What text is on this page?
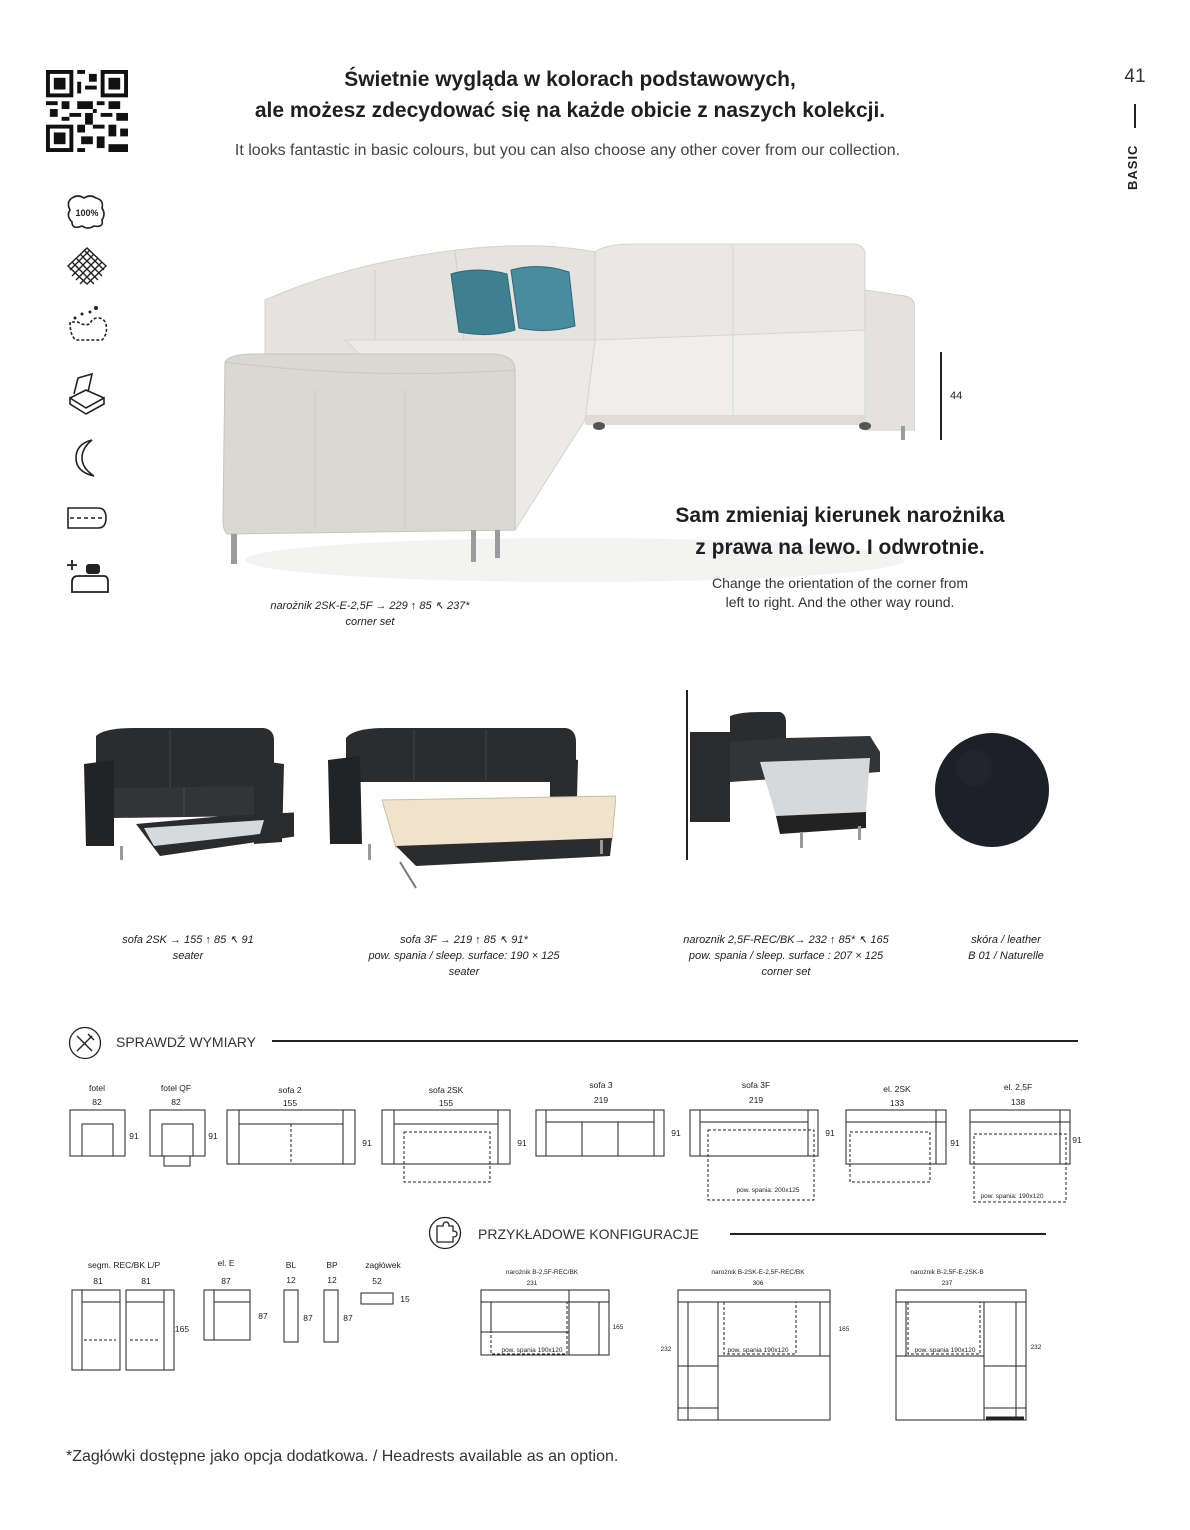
41
BASIC
Świetnie wygląda w kolorach podstawowych,
ale możesz zdecydować się na każde obicie z naszych kolekcji.
It looks fantastic in basic colours, but you can also choose any other cover from our collection.
100%
44
narożnik 2SK-E-2,5F → 229 ↑ 85 ↖ 237*
corner set
Sam zmieniaj kierunek narożnika
z prawa na lewo. I odwrotnie.
Change the orientation of the corner from
left to right. And the other way round.
sofa 2SK → 155 ↑ 85 ↖ 91
seater
sofa 3F → 219 ↑ 85 ↖ 91*
pow. spania / sleep. surface: 190 × 125
seater
naroznik 2,5F-REC/BK→ 232 ↑ 85* ↖ 165
pow. spania / sleep. surface : 207 × 125
corner set
skóra / leather
B 01 / Naturelle
SPRAWDŹ WYMIARY
fotel
82
91
fotel QF
82
91
sofa 2
155
91
sofa 2SK
155
91
sofa 3
219
91
sofa 3F
219
91
el. 2SK
133
91
el. 2,5F
138
91
pow. spania: 200x125
pow. spania: 190x120
PRZYKŁADOWE KONFIGURACJE
segm. REC/BK L/P
81	81
165
el. E
87
87
BL
12
87
BP
12
87
zagłówek
52
15
narożnik B-2,5F-REC/BK
231
165
pow. spania 190x120
narożnik B-2SK-E-2,5F-REC/BK
306
232
165
pow. spania 190x120
narożnik B-2,5F-E-2SK-B
237
232
pow. spania 190x120
*Zagłówki dostępne jako opcja dodatkowa. / Headrests available as an option.
